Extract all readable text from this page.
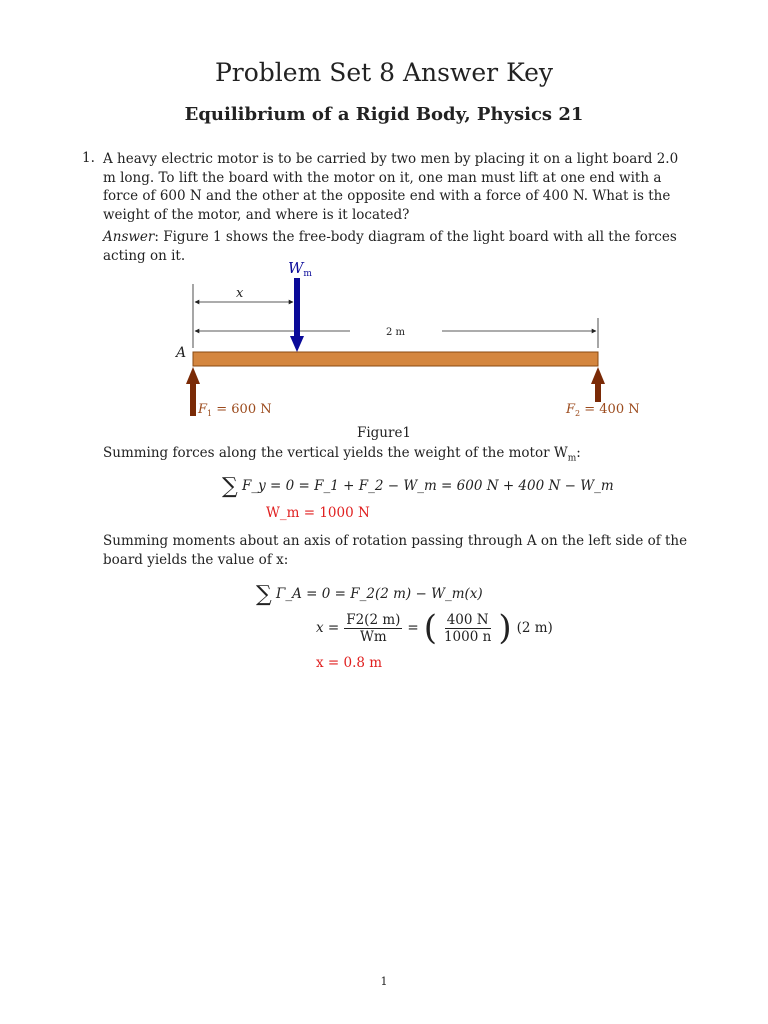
Problem Set 8 Answer Key
Equilibrium of a Rigid Body, Physics 21
1. A heavy electric motor is to be carried by two men by placing it on a light board 2.0 m long. To lift the board with the motor on it, one man must lift at one end with a force of 600 N and the other at the opposite end with a force of 400 N. What is the weight of the motor, and where is it located?
Answer: Figure 1 shows the free-body diagram of the light board with all the forces acting on it.
$W_m$
x
2 m
A
$F_1 = 600$ N	$F_2 = 400$ N
Figure1
Summing forces along the vertical yields the weight of the motor $W_m$:
∑ F_y = 0 = F_1 + F_2 − W_m = 600 N + 400 N − W_m
W_m = 1000 N
Summing moments about an axis of rotation passing through A on the left side of the board yields the value of x:
∑ Γ_A = 0 = F_2(2 m) − W_m(x)
$x = \frac{F2(2 m)}{Wm}$ = ( $\frac{400 N}{1000 n}$ ) (2 m)
x = 0.8 m
1
